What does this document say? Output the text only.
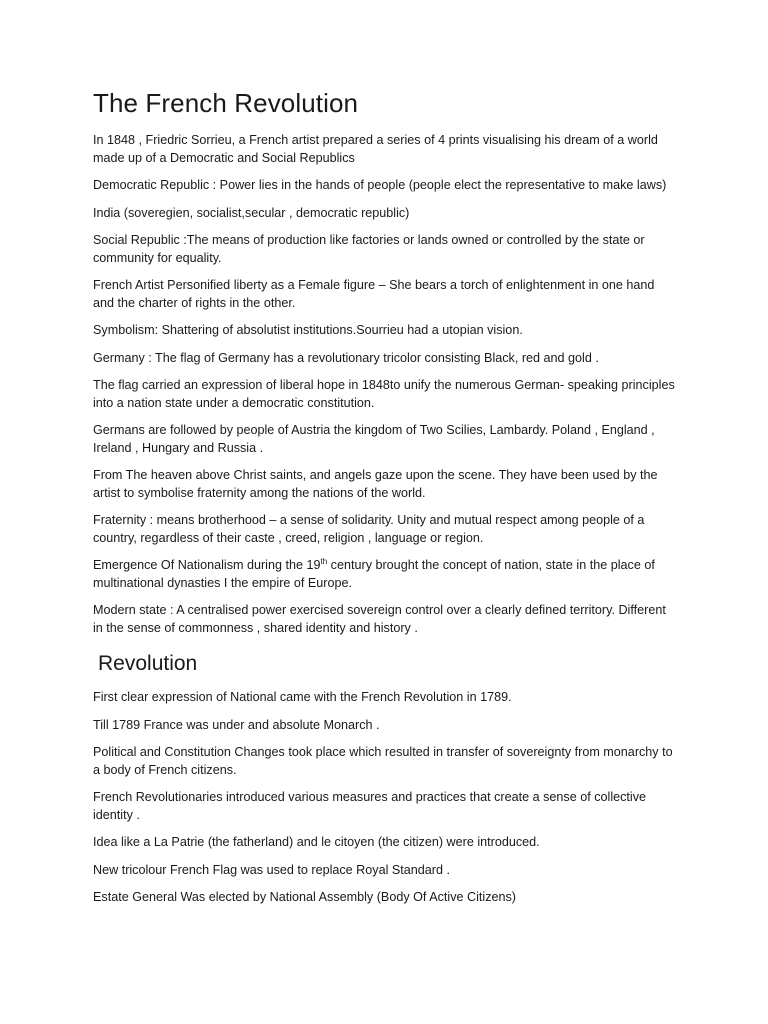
The French Revolution

In 1848 , Friedric Sorrieu, a French artist prepared a series of 4 prints visualising his dream of a world made up of a Democratic and Social Republics

Democratic Republic : Power lies in the hands of people (people elect the representative to make laws)

India (soveregien, socialist,secular , democratic republic)

Social Republic :The means of production like factories or lands owned or controlled by the state or community for equality.

French Artist Personified liberty as a Female figure – She bears a torch of enlightenment in one hand and the charter of rights in the other.

Symbolism: Shattering of absolutist institutions.Sourrieu had a utopian vision.

Germany : The flag of Germany has a revolutionary tricolor consisting Black, red and gold .

The flag carried an expression of liberal hope in 1848to unify the numerous German- speaking principles into a nation state under a democratic constitution.

Germans are followed by people of Austria the kingdom of Two Scilies, Lambardy. Poland , England , Ireland , Hungary and Russia .

From The heaven above Christ saints, and angels gaze upon the scene. They have been used by the artist to symbolise fraternity among the nations of the world.

Fraternity : means brotherhood – a sense of solidarity. Unity and mutual respect among people of a country, regardless of their caste , creed, religion , language or region.

Emergence Of Nationalism during the 19th century brought the concept of nation, state in the place of multinational dynasties I the empire of Europe.

Modern state : A centralised power exercised sovereign control over a clearly defined territory. Different in the sense of commonness , shared identity and history .

Revolution

First clear expression of National came with the French Revolution in 1789.

Till 1789 France was under and absolute Monarch .

Political and Constitution Changes took place which resulted in transfer of sovereignty from monarchy to a body of French citizens.

French Revolutionaries introduced various measures and practices that create a sense of collective identity .

Idea like a La Patrie (the fatherland) and le citoyen (the citizen) were introduced.

New tricolour French Flag was used to replace Royal Standard .

Estate General Was elected by National Assembly (Body Of Active Citizens)
